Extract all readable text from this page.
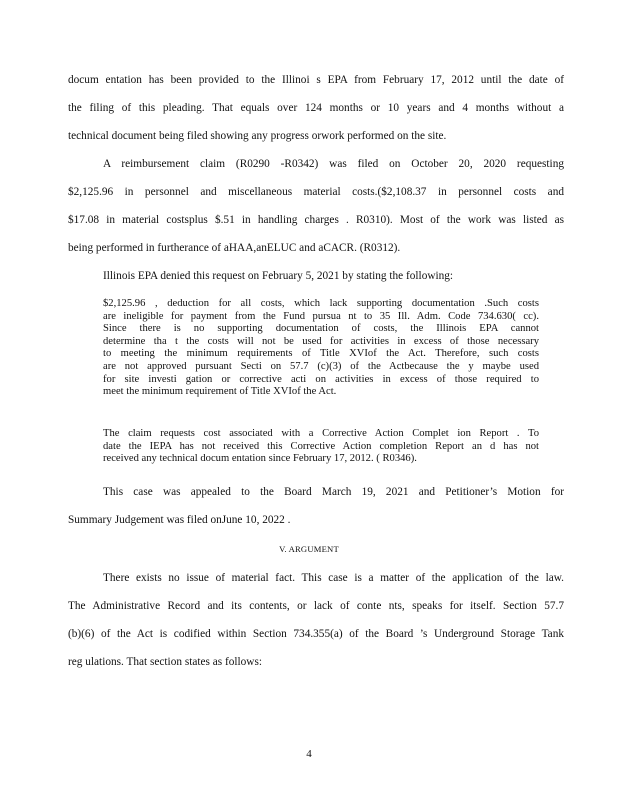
docum entation has been provided to the Illinoi s EPA from February 17, 2012 until the date of
the filing of this pleading. That equals over 124 months or 10 years and 4 months without a
technical document being filed showing any progress orwork performed on the site.
A reimbursement claim (R0290 -R0342) was filed on October 20, 2020 requesting
$2,125.96 in personnel and miscellaneous material costs.($2,108.37 in personnel costs and
$17.08 in material costsplus $.51 in handling charges . R0310). Most of the work was listed as
being performed in furtherance of aHAA,anELUC and aCACR. (R0312).
Illinois EPA denied this request on February 5, 2021 by stating the following:
$2,125.96 , deduction for all costs, which lack supporting documentation .Such costs
are ineligible for payment from the Fund pursua nt to 35 Ill. Adm. Code 734.630( cc).
Since there is no supporting documentation of costs, the Illinois EPA cannot
determine tha t the costs will not be used for activities in excess of those necessary
to meeting the minimum requirements of Title XVIof the Act. Therefore, such costs
are not approved pursuant Secti on 57.7 (c)(3) of the Actbecause the y maybe used
for site investi gation or corrective acti on activities in excess of those required to
meet the minimum requirement of Title XVIof the Act.
The claim requests cost associated with a Corrective Action Complet ion Report . To
date the IEPA has not received this Corrective Action completion Report an d has not
received any technical docum entation since February 17, 2012. ( R0346).
This case was appealed to the Board March 19, 2021 and Petitioner’s Motion for
Summary Judgement was filed onJune 10, 2022 .
V. ARGUMENT
There exists no issue of material fact. This case is a matter of the application of the law.
The Administrative Record and its contents, or lack of conte nts, speaks for itself. Section 57.7
(b)(6) of the Act is codified within Section 734.355(a) of the Board ’s Underground Storage Tank
reg ulations. That section states as follows:
4
